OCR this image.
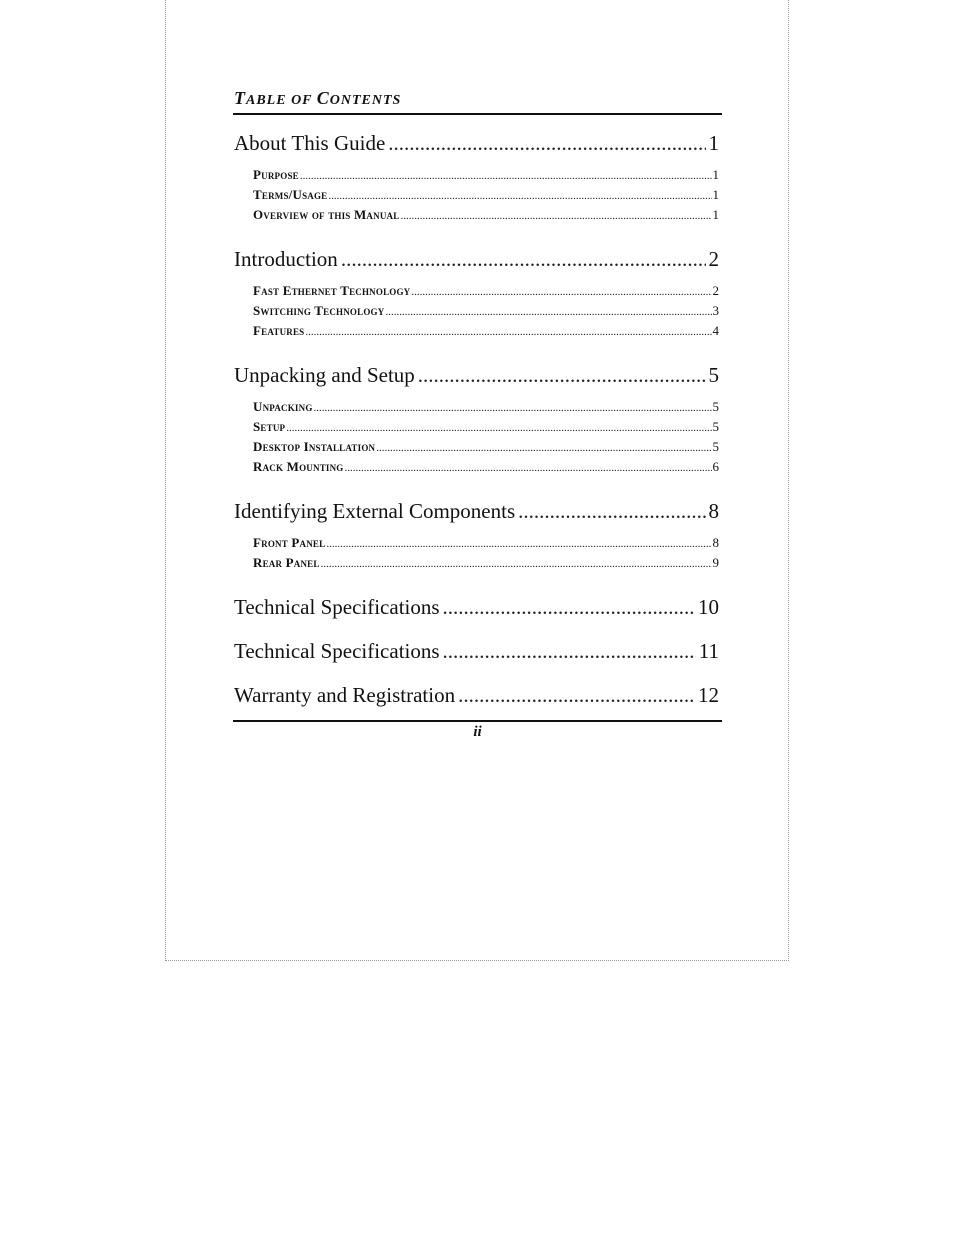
TABLE OF CONTENTS
About This Guide .....	1
Purpose .....	1
Terms/Usage .....	1
Overview of this Manual .....	1
Introduction .....	2
Fast Ethernet Technology .....	2
Switching Technology .....	3
Features .....	4
Unpacking and Setup .....	5
Unpacking .....	5
Setup .....	5
Desktop Installation .....	5
Rack Mounting .....	6
Identifying External Components .....	8
Front Panel .....	8
Rear Panel .....	9
Technical Specifications .....	10
Technical Specifications .....	11
Warranty and Registration .....	12
ii
